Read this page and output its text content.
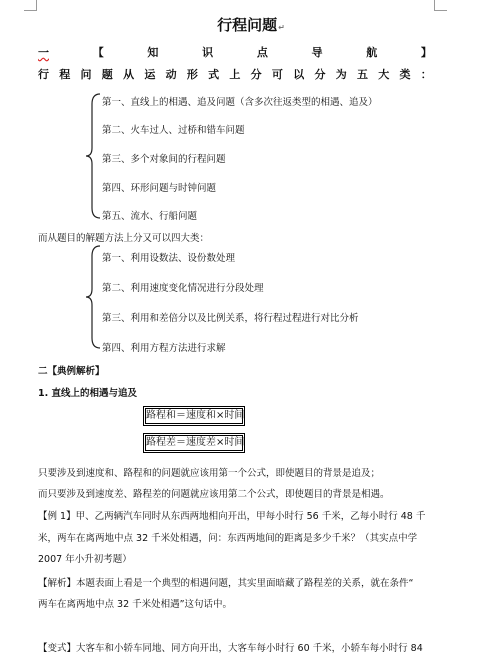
行程问题↵
一	【	知	识	点	导	航	】
行 程 问 题 从 运 动 形 式 上 分 可 以 分 为 五 大 类 ：
第一、直线上的相遇、追及问题（含多次往返类型的相遇、追及）
第二、火车过人、过桥和错车问题
第三、多个对象间的行程问题
第四、环形问题与时钟问题
第五、流水、行船问题
而从题目的解题方法上分又可以四大类：
第一、利用设数法、设份数处理
第二、利用速度变化情况进行分段处理
第三、利用和差倍分以及比例关系，将行程过程进行对比分析
第四、利用方程方法进行求解
二【典例解析】
1. 直线上的相遇与追及
路程和＝速度和×时间
路程差＝速度差×时间
只要涉及到速度和、路程和的问题就应该用第一个公式，即使题目的背景是追及；
而只要涉及到速度差、路程差的问题就应该用第二个公式，即使题目的背景是相遇。
【例 1】甲、乙两辆汽车同时从东西两地相向开出，甲每小时行 56 千米，乙每小时行 48 千
米，两车在离两地中点 32 千米处相遇，问：东西两地间的距离是多少千米？（其实点中学
2007 年小升初考题）
【解析】本题表面上看是一个典型的相遇问题，其实里面暗藏了路程差的关系，就在条件“
两车在离两地中点 32 千米处相遇”这句话中。
【变式】大客车和小轿车同地、同方向开出，大客车每小时行 60 千米，小轿车每小时行 84
